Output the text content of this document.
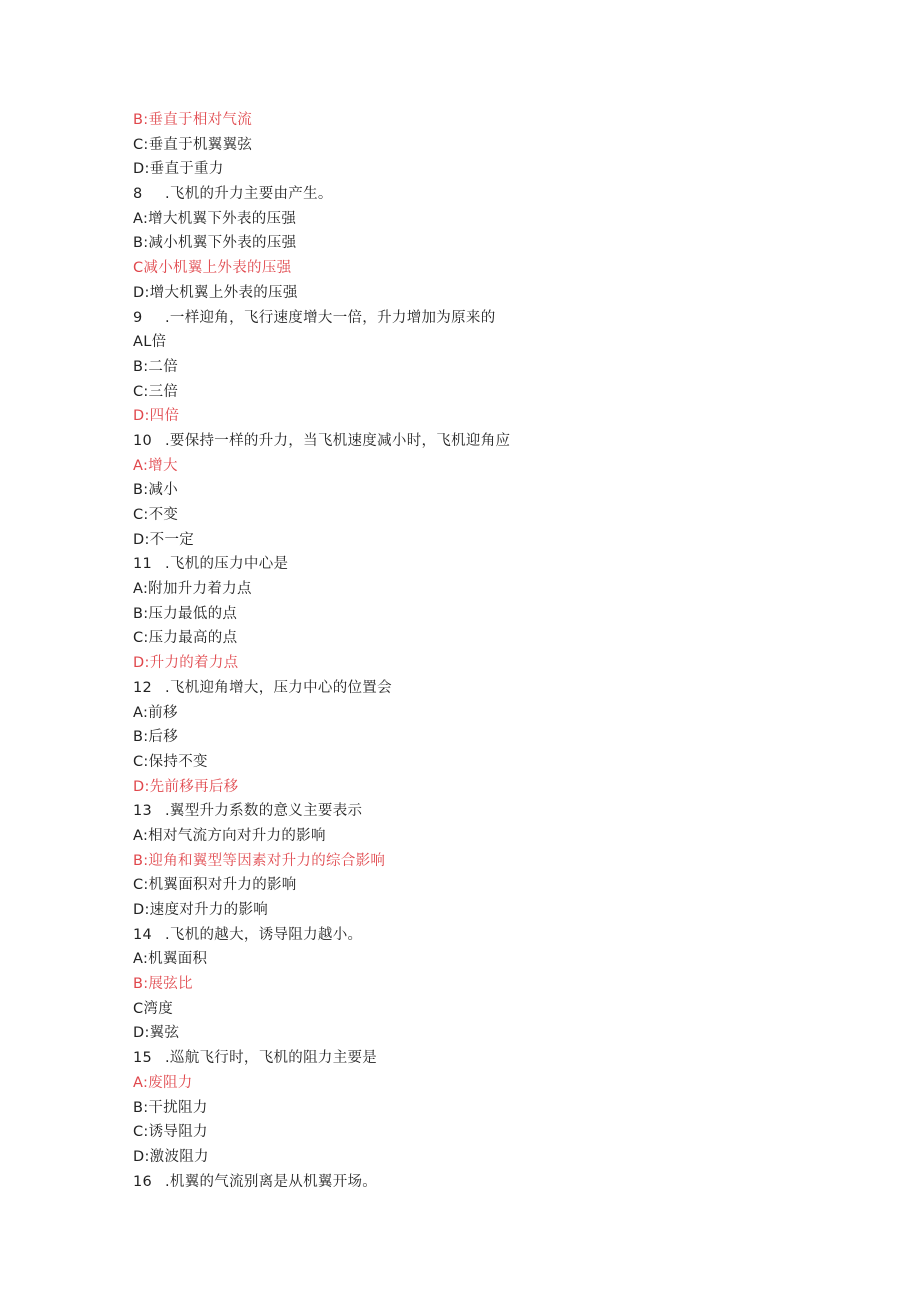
B:垂直于相对气流
C:垂直于机翼翼弦
D:垂直于重力
8 .飞机的升力主要由产生。
A:增大机翼下外表的压强
B:减小机翼下外表的压强
C减小机翼上外表的压强
D:增大机翼上外表的压强
9 .一样迎角，飞行速度增大一倍，升力增加为原来的
AL倍
B:二倍
C:三倍
D:四倍
10 .要保持一样的升力，当飞机速度减小时，飞机迎角应
A:增大
B:减小
C:不变
D:不一定
11 .飞机的压力中心是
A:附加升力着力点
B:压力最低的点
C:压力最高的点
D:升力的着力点
12 .飞机迎角增大，压力中心的位置会
A:前移
B:后移
C:保持不变
D:先前移再后移
13 .翼型升力系数的意义主要表示
A:相对气流方向对升力的影响
B:迎角和翼型等因素对升力的综合影响
C:机翼面积对升力的影响
D:速度对升力的影响
14 .飞机的越大，诱导阻力越小。
A:机翼面积
B:展弦比
C湾度
D:翼弦
15 .巡航飞行时，飞机的阻力主要是
A:废阻力
B:干扰阻力
C:诱导阻力
D:激波阻力
16 .机翼的气流别离是从机翼开场。
